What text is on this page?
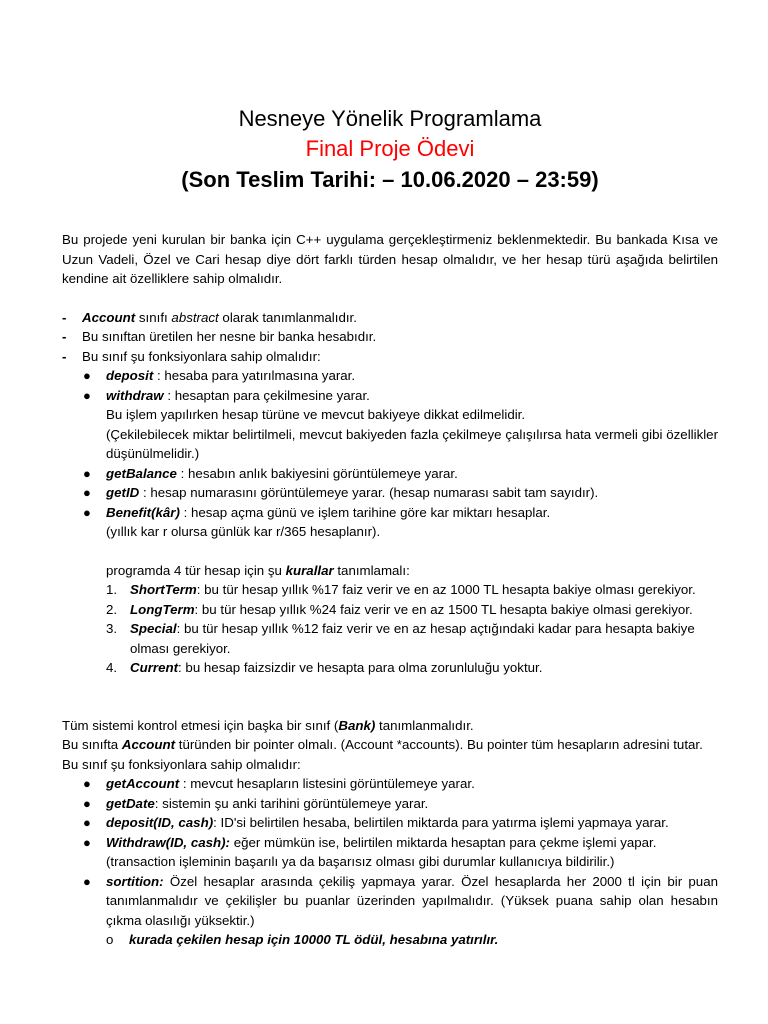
Nesneye Yönelik Programlama
Final Proje Ödevi
(Son Teslim Tarihi: – 10.06.2020 – 23:59)

Bu projede yeni kurulan bir banka için C++ uygulama gerçekleştirmeniz beklenmektedir. Bu bankada Kısa ve Uzun Vadeli, Özel ve Cari hesap diye dört farklı türden hesap olmalıdır, ve her hesap türü aşağıda belirtilen kendine ait özelliklere sahip olmalıdır.

- Account sınıfı abstract olarak tanımlanmalıdır.
- Bu sınıftan üretilen her nesne bir banka hesabıdır.
- Bu sınıf şu fonksiyonlara sahip olmalıdır:
● deposit : hesaba para yatırılmasına yarar.
● withdraw : hesaptan para çekilmesine yarar.
Bu işlem yapılırken hesap türüne ve mevcut bakiyeye dikkat edilmelidir.
(Çekilebilecek miktar belirtilmeli, mevcut bakiyeden fazla çekilmeye çalışılırsa hata vermeli gibi özellikler düşünülmelidir.)
● getBalance : hesabın anlık bakiyesini görüntülemeye yarar.
● getID : hesap numarasını görüntülemeye yarar. (hesap numarası sabit tam sayıdır).
● Benefit(kâr) : hesap açma günü ve işlem tarihine göre kar miktarı hesaplar.
(yıllık kar r olursa günlük kar r/365 hesaplanır).
programda 4 tür hesap için şu kurallar tanımlamalı:
1. ShortTerm: bu tür hesap yıllık %17 faiz verir ve en az 1000 TL hesapta bakiye olması gerekiyor.
2. LongTerm: bu tür hesap yıllık %24 faiz verir ve en az 1500 TL hesapta bakiye olmasi gerekiyor.
3. Special: bu tür hesap yıllık %12 faiz verir ve en az hesap açtığındaki kadar para hesapta bakiye olması gerekiyor.
4. Current: bu hesap faizsizdir ve hesapta para olma zorunluluğu yoktur.

Tüm sistemi kontrol etmesi için başka bir sınıf (Bank) tanımlanmalıdır.

Bu sınıfta Account türünden bir pointer olmalı. (Account *accounts). Bu pointer tüm hesapların adresini tutar.

Bu sınıf şu fonksiyonlara sahip olmalıdır:

● getAccount : mevcut hesapların listesini görüntülemeye yarar.
● getDate: sistemin şu anki tarihini görüntülemeye yarar.
● deposit(ID, cash): ID'si belirtilen hesaba, belirtilen miktarda para yatırma işlemi yapmaya yarar.
● Withdraw(ID, cash): eğer mümkün ise, belirtilen miktarda hesaptan para çekme işlemi yapar.
(transaction işleminin başarılı ya da başarısız olması gibi durumlar kullanıcıya bildirilir.)
● sortition: Özel hesaplar arasında çekiliş yapmaya yarar. Özel hesaplarda her 2000 tl için bir puan tanımlanmalıdır ve çekilişler bu puanlar üzerinden yapılmalıdır. (Yüksek puana sahip olan hesabın çıkma olasılığı yüksektir.)
o kurada çekilen hesap için 10000 TL ödül, hesabına yatırılır.
